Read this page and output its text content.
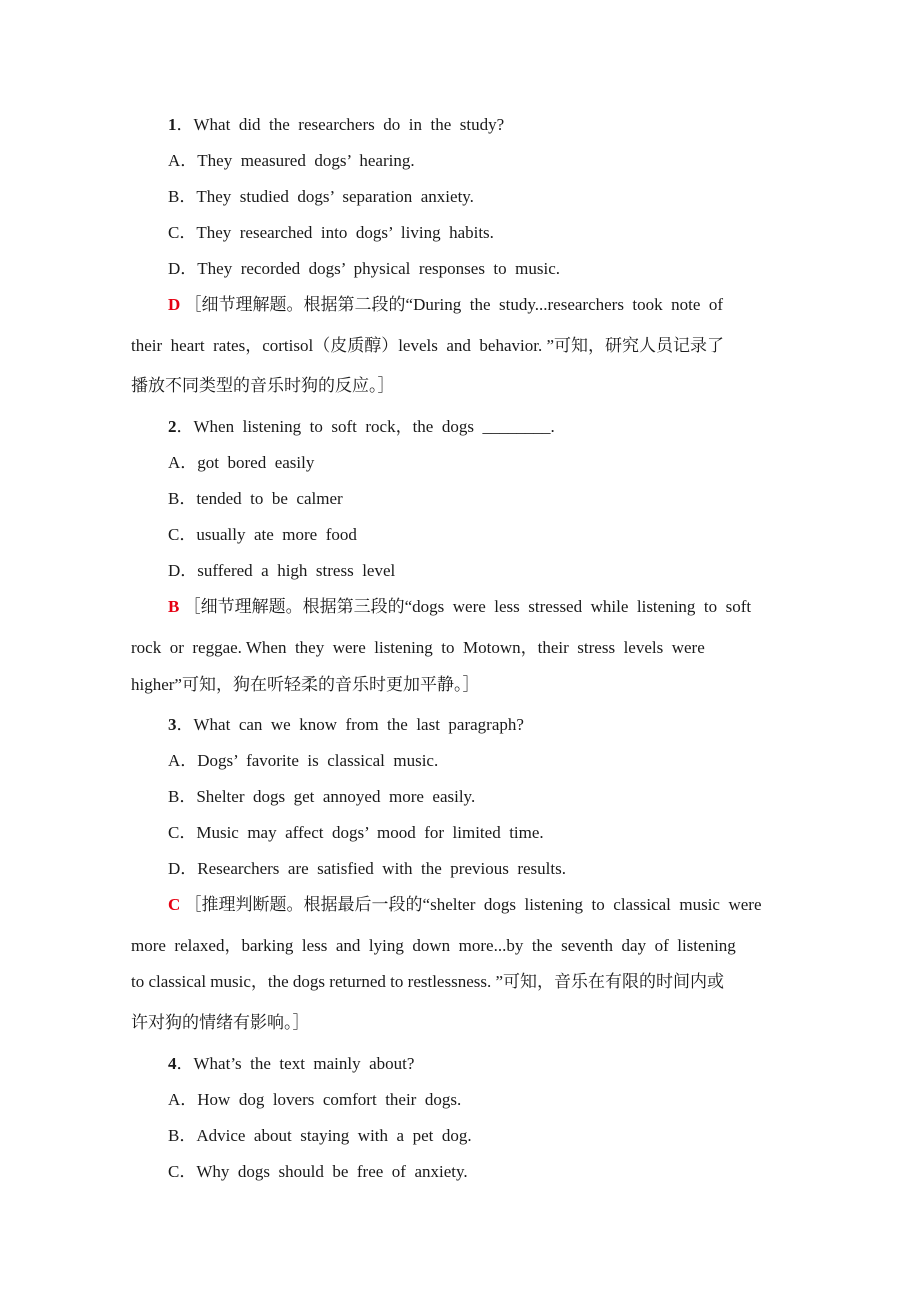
1．What  did  the  researchers  do  in  the  study?
A．They  measured  dogs’  hearing.
B．They  studied  dogs’  separation  anxiety.
C．They  researched  into  dogs’  living  habits.
D．They  recorded  dogs’  physical  responses  to  music.
D ［细节理解题。根据第二段的“During  the  study...researchers  took  note  of
their  heart  rates，cortisol（皮质醇）levels  and  behavior. ”可知，研究人员记录了
播放不同类型的音乐时狗的反应。］
2．When  listening  to  soft  rock，the  dogs  ________.
A．got  bored  easily
B．tended  to  be  calmer
C．usually  ate  more  food
D．suffered  a  high  stress  level
B ［细节理解题。根据第三段的“dogs  were  less  stressed  while  listening  to  soft
rock  or  reggae. When  they  were  listening  to  Motown，their  stress  levels  were
higher”可知，狗在听轻柔的音乐时更加平静。］
3．What  can  we  know  from  the  last  paragraph?
A．Dogs’  favorite  is  classical  music.
B．Shelter  dogs  get  annoyed  more  easily.
C．Music  may  affect  dogs’  mood  for  limited  time.
D．Researchers  are  satisfied  with  the  previous  results.
C ［推理判断题。根据最后一段的“shelter  dogs  listening  to  classical  music  were
more  relaxed，barking  less  and  lying  down  more...by  the  seventh  day  of  listening
to classical music，the dogs returned to restlessness. ”可知，音乐在有限的时间内或
许对狗的情绪有影响。］
4．What’s  the  text  mainly  about?
A．How  dog  lovers  comfort  their  dogs.
B．Advice  about  staying  with  a  pet  dog.
C．Why  dogs  should  be  free  of  anxiety.
